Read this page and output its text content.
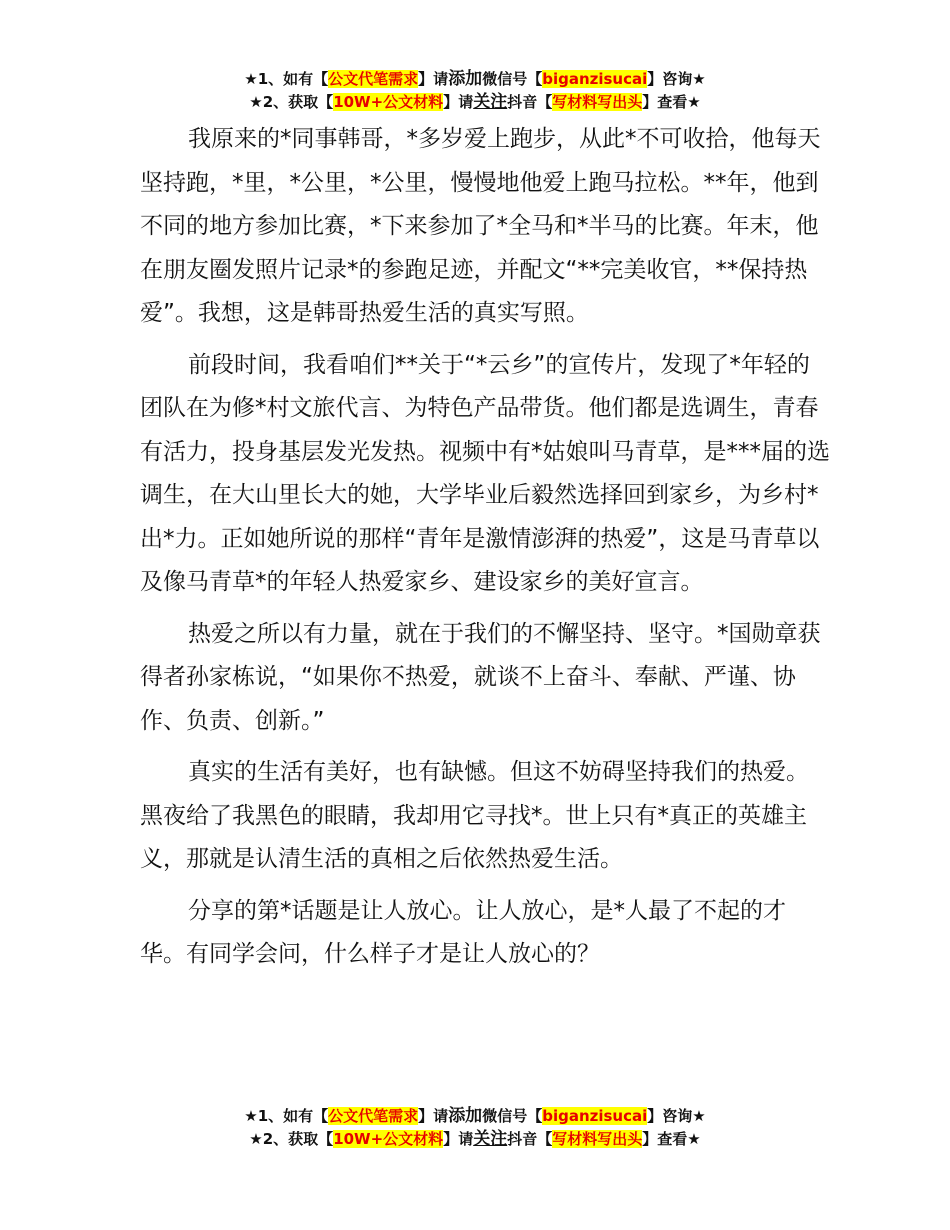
★1、如有【公文代笔需求】请添加微信号【biganzisucai】咨询★
★2、获取【10W+公文材料】请关注抖音【写材料写出头】查看★

我原来的*同事韩哥，*多岁爱上跑步，从此*不可收拾，他每天坚持跑，*里，*公里，*公里，慢慢地他爱上跑马拉松。**年，他到不同的地方参加比赛，*下来参加了*全马和*半马的比赛。年末，他在朋友圈发照片记录*的参跑足迹，并配文“**完美收官，**保持热爱”。我想，这是韩哥热爱生活的真实写照。

前段时间，我看咱们**关于“*云乡”的宣传片，发现了*年轻的团队在为修*村文旅代言、为特色产品带货。他们都是选调生，青春有活力，投身基层发光发热。视频中有*姑娘叫马青草，是***届的选调生，在大山里长大的她，大学毕业后毅然选择回到家乡，为乡村*出*力。正如她所说的那样“青年是激情澎湃的热爱”，这是马青草以及像马青草*的年轻人热爱家乡、建设家乡的美好宣言。

热爱之所以有力量，就在于我们的不懈坚持、坚守。*国勋章获得者孙家栋说，“如果你不热爱，就谈不上奋斗、奉献、严谨、协作、负责、创新。”

真实的生活有美好，也有缺憾。但这不妨碍坚持我们的热爱。黑夜给了我黑色的眼睛，我却用它寻找*。世上只有*真正的英雄主义，那就是认清生活的真相之后依然热爱生活。

分享的第*话题是让人放心。让人放心，是*人最了不起的才华。有同学会问，什么样子才是让人放心的？

★1、如有【公文代笔需求】请添加微信号【biganzisucai】咨询★
★2、获取【10W+公文材料】请关注抖音【写材料写出头】查看★
